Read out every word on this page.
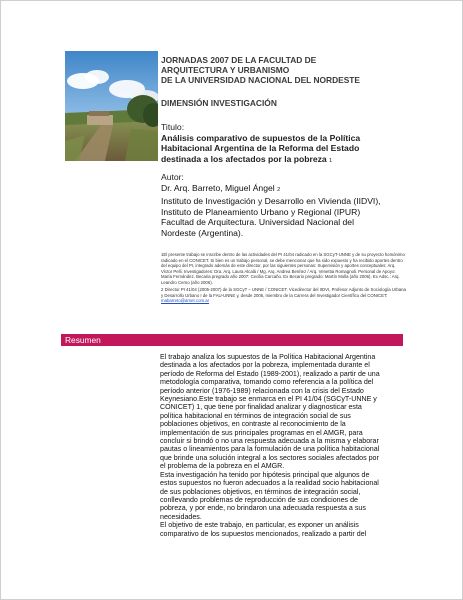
JORNADAS 2007 DE LA FACULTAD DE
ARQUITECTURA Y URBANISMO
DE LA UNIVERSIDAD NACIONAL DEL NORDESTE
DIMENSIÓN INVESTIGACIÓN
Titulo:
Análisis comparativo de supuestos de la Política
Habitacional Argentina de la Reforma del Estado
destinada a los afectados por la pobreza 1
Autor:
Dr. Arq. Barreto, Miguel Ángel 2
Instituto de Investigación y Desarrollo en Vivienda (IIDVI),
Instituto de Planeamiento Urbano y Regional (IPUR)
Facultad de Arquitectura. Universidad Nacional del
Nordeste (Argentina).

1El presente trabajo se inscribe dentro de las actividades del PI 41/04 radicado en la SGCyT-UNNE y de su proyecto homónimo radicado en el CONICET. Si bien es un trabajo personal, se debe mencionar que ha sido expuesto y ha recibido aportes dentro del equipo del PI, integrado además de este director, por las siguientes personas: Supervisión y aportes conceptuales: Arq. Víctor Pelli. Investigadores: Dra. Arq. Laura Alcalá / Mg. Arq. Andrea Benítez / Arq. Venettia Romagnoli. Personal de Apoyo: María Fernández. Becaria pregrado año 2007: Cecilia Carcaño. Ex Becario pregrado: Martín Molla (año 2006). Ex Adsc.: Arq. Leandro Cerno (año 2006).

2 Director PI 41/04 (2005-2007) de la SGCyT – UNNE / CONICET. Vicedirector del IIDVI, Profesor Adjunto de Sociología Urbana y Desarrollo Urbano I de la FAU-UNNE y, desde 2006, miembro de la Carrera del Investigador Científico del CONICET: mabarreto@arnet.com.ar

Resumen
El trabajo analiza los supuestos de la Política Habitacional Argentina
destinada a los afectados por la pobreza, implementada durante el
período de Reforma del Estado (1989-2001), realizado a partir de una
metodología comparativa, tomando como referencia a la política del
período anterior (1976-1989) relacionada con la crisis del Estado
Keynesiano.Este trabajo se enmarca en el PI 41/04 (SGCyT-UNNE y
CONICET) 1, que tiene por finalidad analizar y diagnosticar esta
política habitacional en términos de integración social de sus
poblaciones objetivos, en contraste al reconocimiento de la
implementación de sus principales programas en el AMGR, para
concluir si brindó o no una respuesta adecuada a la misma y elaborar
pautas o lineamientos para la formulación de una política habitacional
que brinde una solución integral a los sectores sociales afectados por
el problema de la pobreza en el AMGR.
Esta investigación ha tenido por hipótesis principal que algunos de
estos supuestos no fueron adecuados a la realidad socio habitacional
de sus poblaciones objetivos, en términos de integración social,
conllevando problemas de reproducción de sus condiciones de
pobreza, y por ende, no brindaron una adecuada respuesta a sus
necesidades.
El objetivo de este trabajo, en particular, es exponer un análisis
comparativo de los supuestos mencionados, realizado a partir del
